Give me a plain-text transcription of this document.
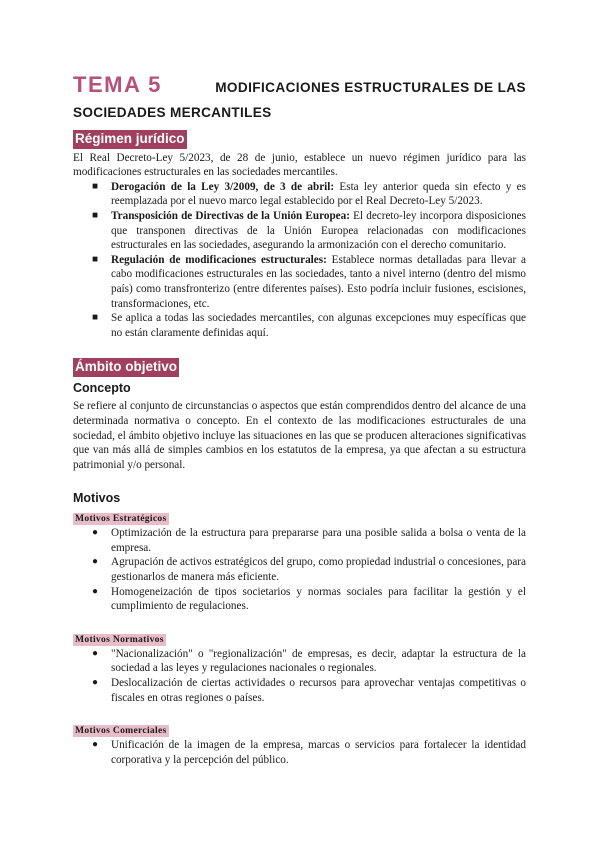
TEMA 5	MODIFICACIONES ESTRUCTURALES DE LAS
SOCIEDADES MERCANTILES
Régimen jurídico

El Real Decreto-Ley 5/2023, de 28 de junio, establece un nuevo régimen jurídico para las modificaciones estructurales en las sociedades mercantiles.

■ Derogación de la Ley 3/2009, de 3 de abril: Esta ley anterior queda sin efecto y es reemplazada por el nuevo marco legal establecido por el Real Decreto-Ley 5/2023.
■ Transposición de Directivas de la Unión Europea: El decreto-ley incorpora disposiciones que transponen directivas de la Unión Europea relacionadas con modificaciones estructurales en las sociedades, asegurando la armonización con el derecho comunitario.
■ Regulación de modificaciones estructurales: Establece normas detalladas para llevar a cabo modificaciones estructurales en las sociedades, tanto a nivel interno (dentro del mismo país) como transfronterizo (entre diferentes países). Esto podría incluir fusiones, escisiones, transformaciones, etc.
■ Se aplica a todas las sociedades mercantiles, con algunas excepciones muy específicas que no están claramente definidas aquí.
Ámbito objetivo
Concepto

Se refiere al conjunto de circunstancias o aspectos que están comprendidos dentro del alcance de una determinada normativa o concepto. En el contexto de las modificaciones estructurales de una sociedad, el ámbito objetivo incluye las situaciones en las que se producen alteraciones significativas que van más allá de simples cambios en los estatutos de la empresa, ya que afectan a su estructura patrimonial y/o personal.

Motivos
Motivos Estratégicos
● Optimización de la estructura para prepararse para una posible salida a bolsa o venta de la empresa.
● Agrupación de activos estratégicos del grupo, como propiedad industrial o concesiones, para gestionarlos de manera más eficiente.
● Homogeneización de tipos societarios y normas sociales para facilitar la gestión y el cumplimiento de regulaciones.
Motivos Normativos
● "Nacionalización" o "regionalización" de empresas, es decir, adaptar la estructura de la sociedad a las leyes y regulaciones nacionales o regionales.
● Deslocalización de ciertas actividades o recursos para aprovechar ventajas competitivas o fiscales en otras regiones o países.
Motivos Comerciales
● Unificación de la imagen de la empresa, marcas o servicios para fortalecer la identidad corporativa y la percepción del público.
